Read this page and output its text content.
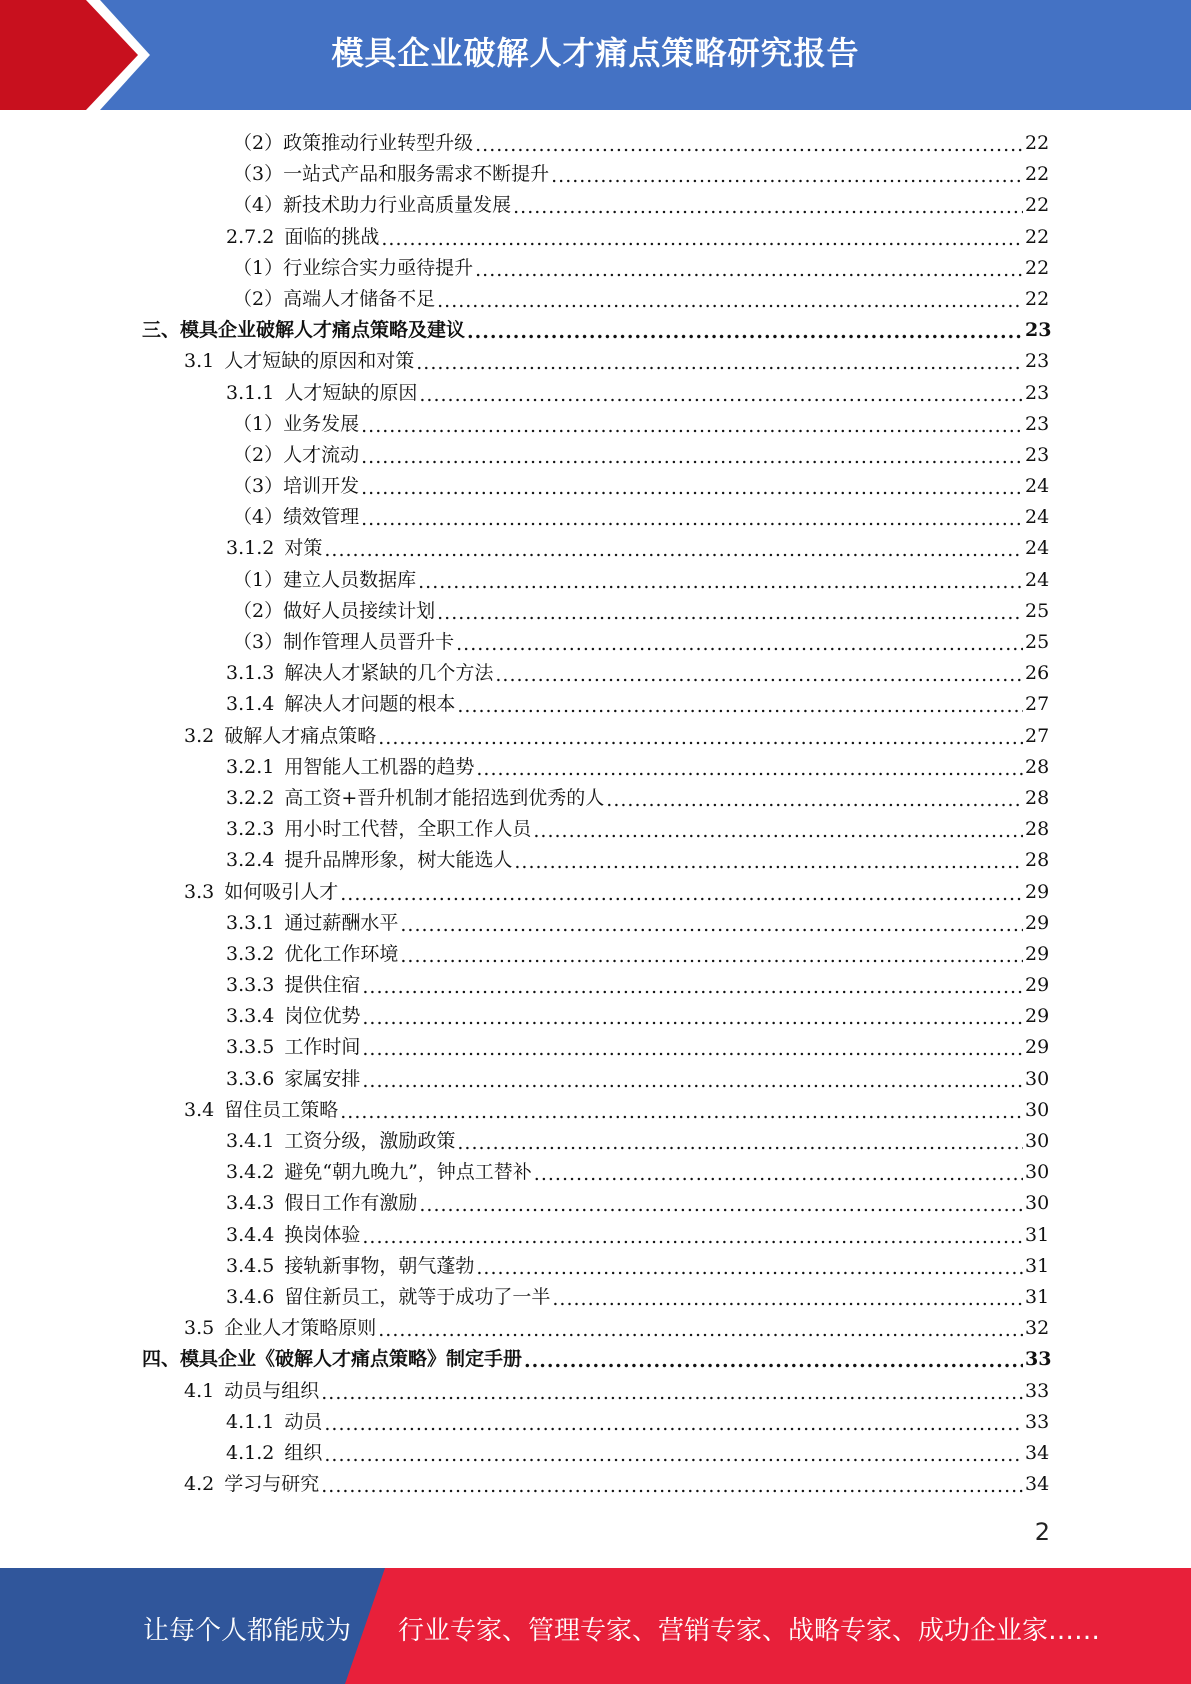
模具企业破解人才痛点策略研究报告
（2） 政策推动行业转型升级 .....	22
（3） 一站式产品和服务需求不断提升 .....	22
（4） 新技术助力行业高质量发展 .....	22
2.7.2 面临的挑战 .....	22
（1） 行业综合实力亟待提升 .....	22
（2） 高端人才储备不足 .....	22
三、模具企业破解人才痛点策略及建议 .....	23
3.1 人才短缺的原因和对策 .....	23
3.1.1 人才短缺的原因 .....	23
（1） 业务发展 .....	23
（2） 人才流动 .....	23
（3） 培训开发 .....	24
（4） 绩效管理 .....	24
3.1.2 对策 .....	24
（1） 建立人员数据库 .....	24
（2） 做好人员接续计划 .....	25
（3） 制作管理人员晋升卡 .....	25
3.1.3 解决人才紧缺的几个方法 .....	26
3.1.4 解决人才问题的根本 .....	27
3.2 破解人才痛点策略 .....	27
3.2.1 用智能人工机器的趋势 .....	28
3.2.2 高工资+晋升机制才能招选到优秀的人 .....	28
3.2.3 用小时工代替，全职工作人员 .....	28
3.2.4 提升品牌形象，树大能选人 .....	28
3.3 如何吸引人才 .....	29
3.3.1 通过薪酬水平 .....	29
3.3.2 优化工作环境 .....	29
3.3.3 提供住宿 .....	29
3.3.4 岗位优势 .....	29
3.3.5 工作时间 .....	29
3.3.6 家属安排 .....	30
3.4 留住员工策略 .....	30
3.4.1 工资分级，激励政策 .....	30
3.4.2 避免“朝九晚九”，钟点工替补 .....	30
3.4.3 假日工作有激励 .....	30
3.4.4 换岗体验 .....	31
3.4.5 接轨新事物，朝气蓬勃 .....	31
3.4.6 留住新员工，就等于成功了一半 .....	31
3.5 企业人才策略原则 .....	32
四、模具企业《破解人才痛点策略》制定手册 .....	33
4.1 动员与组织 .....	33
4.1.1 动员 .....	33
4.1.2 组织 .....	34
4.2 学习与研究 .....	34
2
让每个人都能成为 行业专家、管理专家、营销专家、战略专家、成功企业家……
